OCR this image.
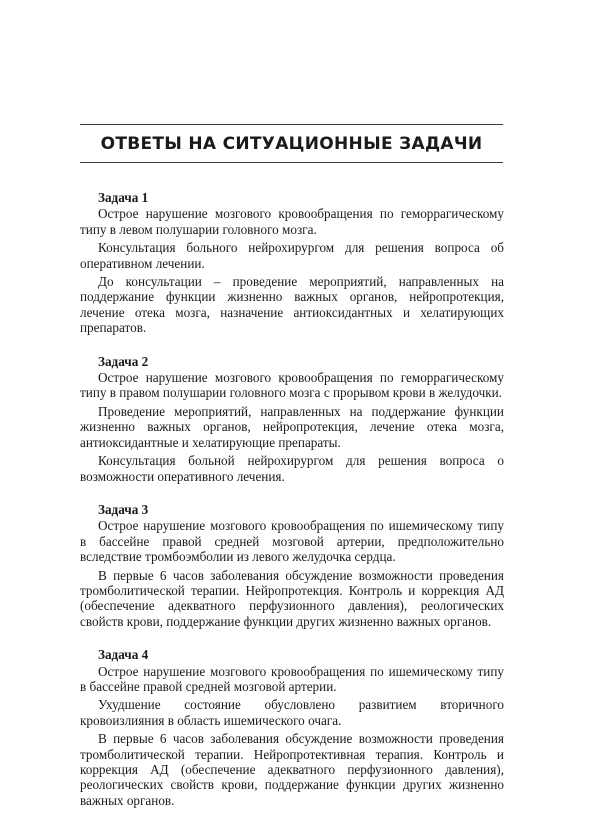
ОТВЕТЫ НА СИТУАЦИОННЫЕ ЗАДАЧИ
Задача 1

Острое нарушение мозгового кровообращения по геморрагическому типу в левом полушарии головного мозга.

Консультация больного нейрохирургом для решения вопроса об оперативном лечении.

До консультации – проведение мероприятий, направленных на поддержание функции жизненно важных органов, нейропротекция, лечение отека мозга, назначение антиоксидантных и хелатирующих препаратов.

Задача 2

Острое нарушение мозгового кровообращения по геморрагическому типу в правом полушарии головного мозга с прорывом крови в желудочки.

Проведение мероприятий, направленных на поддержание функции жизненно важных органов, нейропротекция, лечение отека мозга, антиоксидантные и хелатирующие препараты.

Консультация больной нейрохирургом для решения вопроса о возможности оперативного лечения.

Задача 3

Острое нарушение мозгового кровообращения по ишемическому типу в бассейне правой средней мозговой артерии, предположительно вследствие тромбоэмболии из левого желудочка сердца.

В первые 6 часов заболевания обсуждение возможности проведения тромболитической терапии. Нейропротекция. Контроль и коррекция АД (обеспечение адекватного перфузионного давления), реологических свойств крови, поддержание функции других жизненно важных органов.

Задача 4

Острое нарушение мозгового кровообращения по ишемическому типу в бассейне правой средней мозговой артерии.

Ухудшение состояние обусловлено развитием вторичного кровоизлияния в область ишемического очага.

В первые 6 часов заболевания обсуждение возможности проведения тромболитической терапии. Нейропротективная терапия. Контроль и коррекция АД (обеспечение адекватного перфузионного давления), реологических свойств крови, поддержание функции других жизненно важных органов.
